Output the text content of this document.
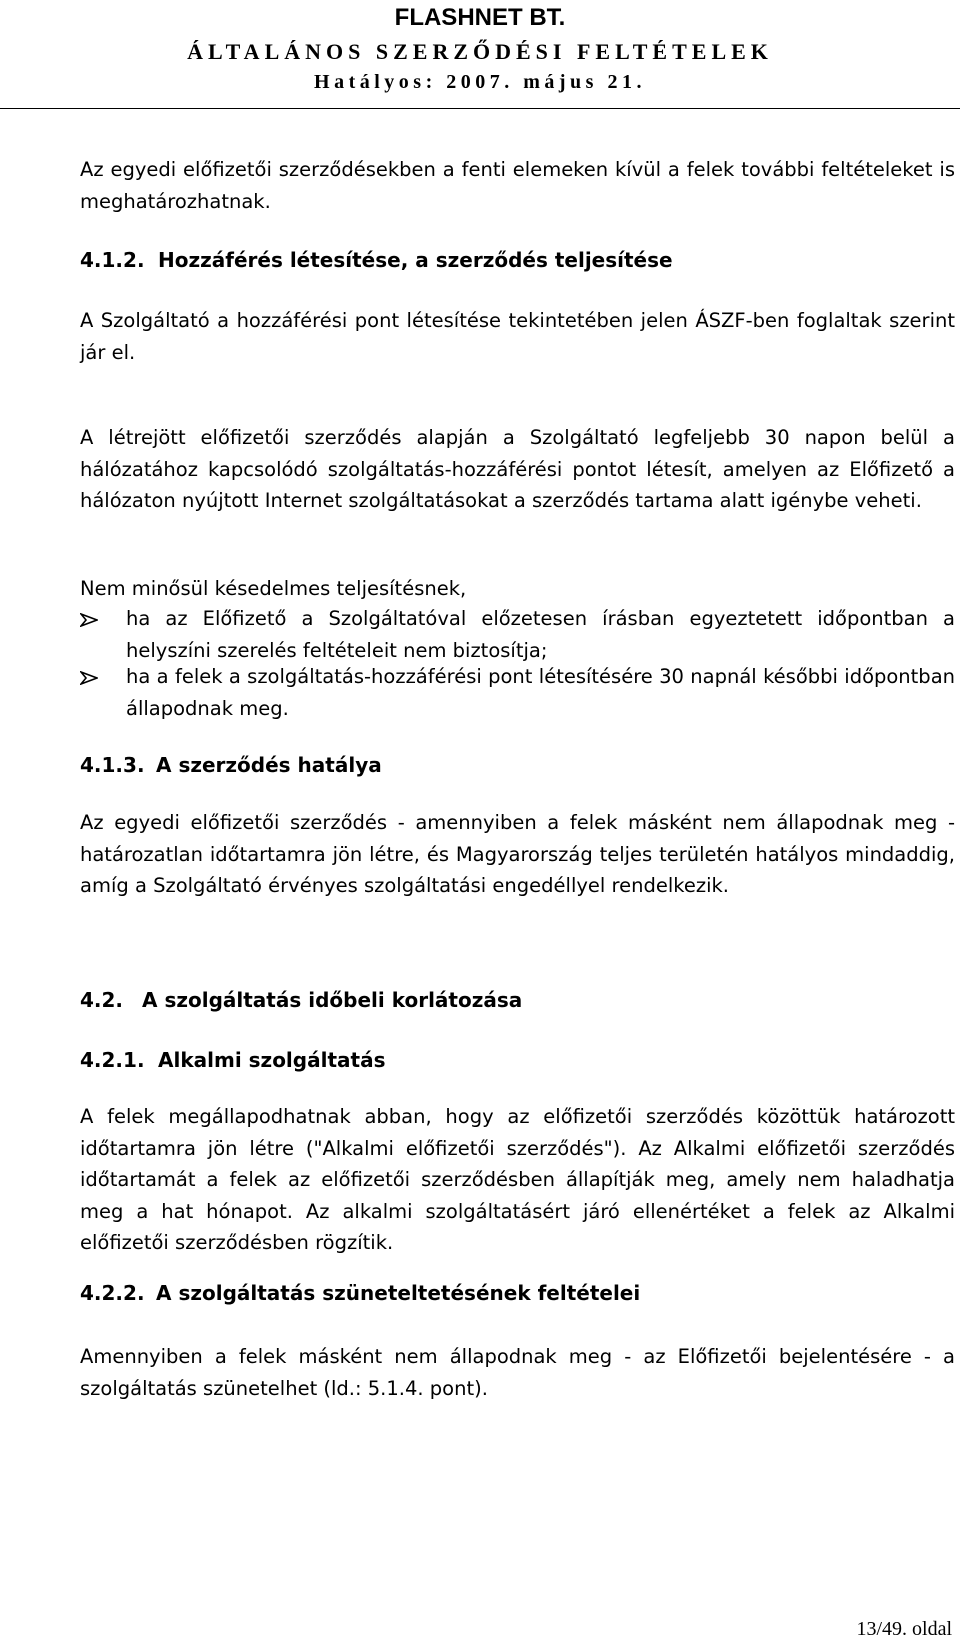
FLASHNET BT.
ÁLTALÁNOS SZERZŐDÉSI FELTÉTELEK
Hatályos: 2007. május 21.

Az egyedi előfizetői szerződésekben a fenti elemeken kívül a felek további feltételeket is meghatározhatnak.

4.1.2. Hozzáférés létesítése, a szerződés teljesítése

A Szolgáltató a hozzáférési pont létesítése tekintetében jelen ÁSZF-ben foglaltak szerint jár el.

A létrejött előfizetői szerződés alapján a Szolgáltató legfeljebb 30 napon belül a hálózatához kapcsolódó szolgáltatás-hozzáférési pontot létesít, amelyen az Előfizető a hálózaton nyújtott Internet szolgáltatásokat a szerződés tartama alatt igénybe veheti.

Nem minősül késedelmes teljesítésnek,

ha az Előfizető a Szolgáltatóval előzetesen írásban egyeztetett időpontban a helyszíni szerelés feltételeit nem biztosítja;

ha a felek a szolgáltatás-hozzáférési pont létesítésére 30 napnál későbbi időpontban állapodnak meg.

4.1.3. A szerződés hatálya

Az egyedi előfizetői szerződés - amennyiben a felek másként nem állapodnak meg - határozatlan időtartamra jön létre, és Magyarország teljes területén hatályos mindaddig, amíg a Szolgáltató érvényes szolgáltatási engedéllyel rendelkezik.

4.2. A szolgáltatás időbeli korlátozása
4.2.1. Alkalmi szolgáltatás

A felek megállapodhatnak abban, hogy az előfizetői szerződés közöttük határozott időtartamra jön létre ("Alkalmi előfizetői szerződés"). Az Alkalmi előfizetői szerződés időtartamát a felek az előfizetői szerződésben állapítják meg, amely nem haladhatja meg a hat hónapot. Az alkalmi szolgáltatásért járó ellenértéket a felek az Alkalmi előfizetői szerződésben rögzítik.

4.2.2. A szolgáltatás szüneteltetésének feltételei

Amennyiben a felek másként nem állapodnak meg - az Előfizetői bejelentésére - a szolgáltatás szünetelhet (ld.: 5.1.4. pont).

13/49. oldal
